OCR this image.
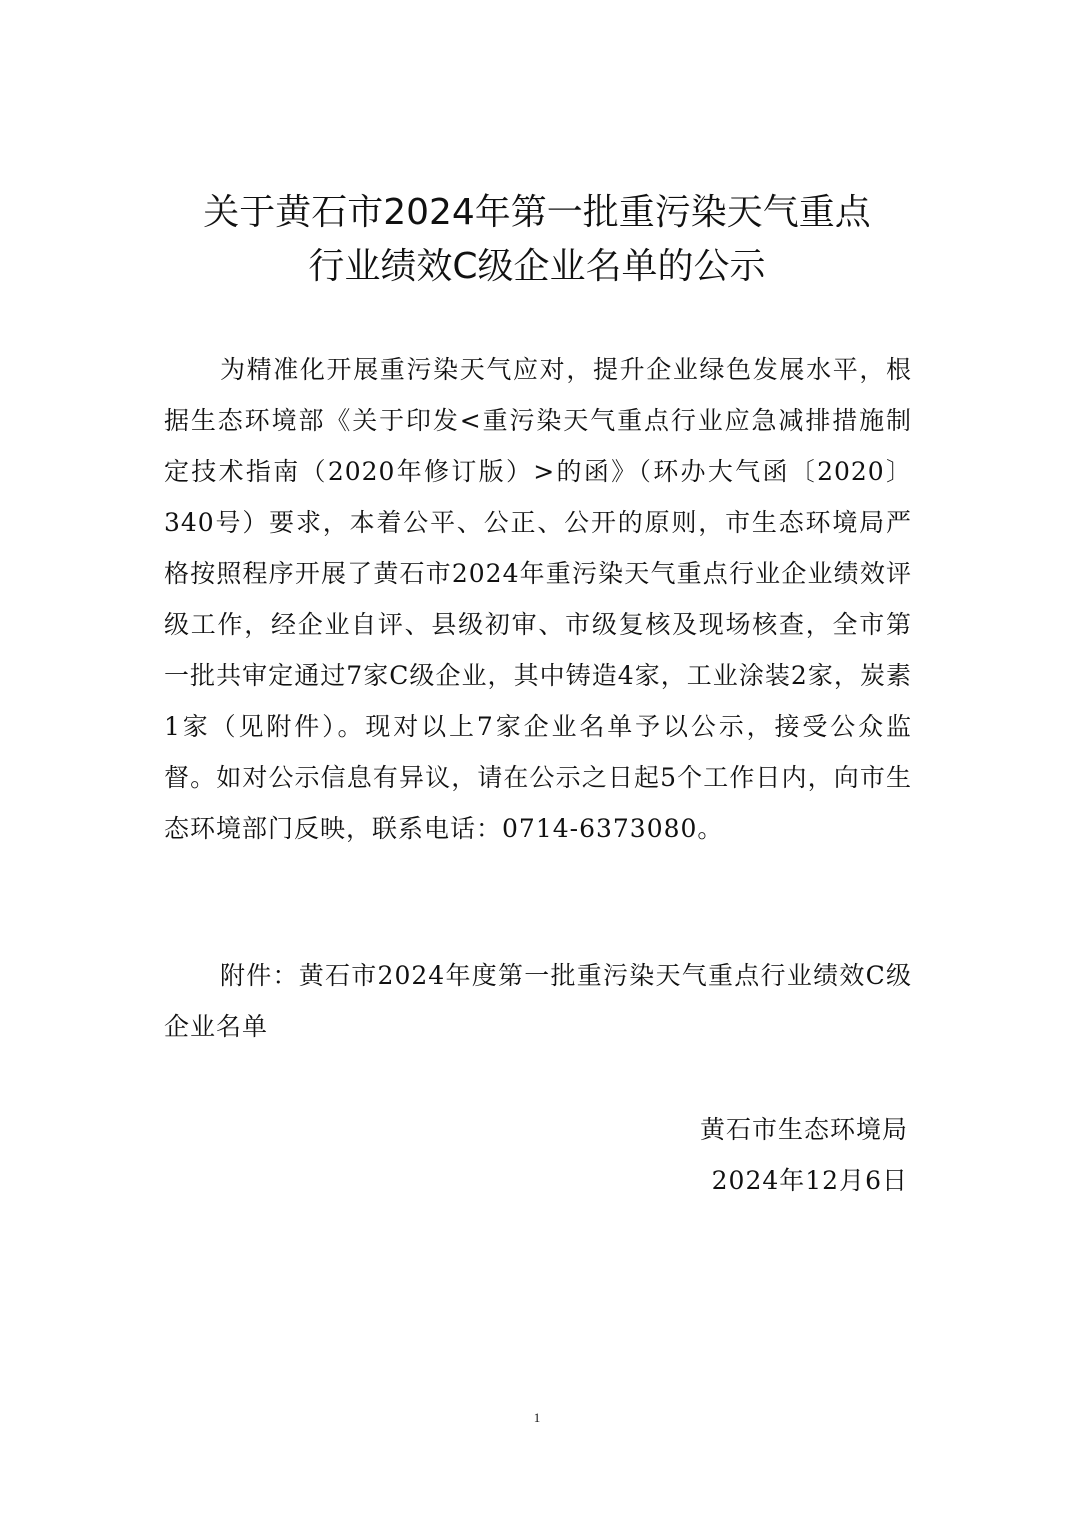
关于黄石市2024年第一批重污染天气重点
行业绩效C级企业名单的公示

为精准化开展重污染天气应对，提升企业绿色发展水平，根据生态环境部《关于印发<重污染天气重点行业应急减排措施制定技术指南（2020年修订版）>的函》（环办大气函〔2020〕340号）要求，本着公平、公正、公开的原则，市生态环境局严格按照程序开展了黄石市2024年重污染天气重点行业企业绩效评级工作，经企业自评、县级初审、市级复核及现场核查，全市第一批共审定通过7家C级企业，其中铸造4家，工业涂装2家，炭素1家（见附件）。现对以上7家企业名单予以公示，接受公众监督。如对公示信息有异议，请在公示之日起5个工作日内，向市生态环境部门反映，联系电话：0714-6373080。

附件：黄石市2024年度第一批重污染天气重点行业绩效C级企业名单

黄石市生态环境局
2024年12月6日
1
